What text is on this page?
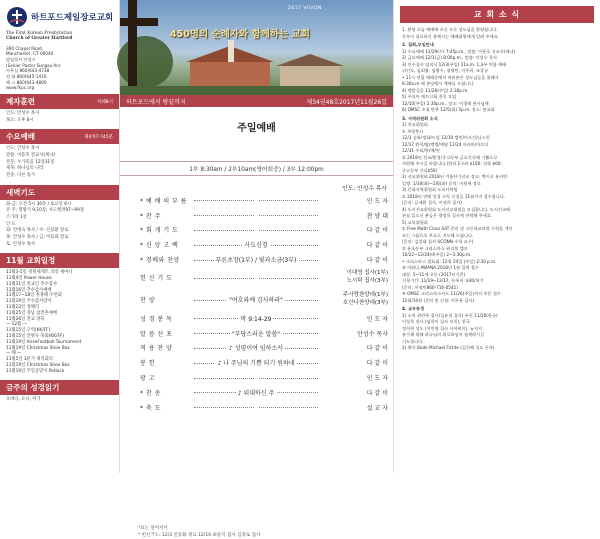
하트포드제일장로교회
The First Korean Presbyterian
Church of Greater Hartford
300 Chapel Road,
Manchester, CT 06040
담임목사 안성수
(Senior Pastor Sungsu An)
사무실 860)643-4738
전 화 860)645-1416
팩 스 860)643-4800
www.fkpc.org
제자훈련	차례8시
인도: 안성수 목사
목요: 오후 8시
수요예배	제4차7시45분
인도: 안성수 목사
말씀: 이용호 전교사(케냐)
본문: 누가복음 12장31절
제목: 하나님의 나라
찬송: 다른 송가
새벽기도
화-금: 오전 5시 30분 / 토요일 6시
본 주: 열왕기 9,10장, 사도행전97~99장
스가랴 1장
인 도
화: 안병숙 목사 / 수: 신용환 장로
목: 안성수 목사 / 금: 이용화 장로
토: 안성수 목사
11월 교회일정
11월3-5일 경북세계트 의장 새마니
11월4일 Power House
11월11일 천교인 추수감사
11월16일 추수감사예배
11월17~18일 경목팩 수련회
11월19일 주수감사맞이
11월23일 정해리
11월25일 경남 참결혼예배
11월26일 전교 양육
— 12월 —
11월15일 구역(KK/FF)
11월15일 안병숙 목회(KK/FF)
11월19일 AriseFootball Tournament
11월19일 Christmas Shoe Box
— 해 —
11월5일 3분기 제직회의
11월19일 Christmas Shoe Box
11월19일 주일공맞이 Potluck
금주의 성경읽기
오바다, 요나, 미가
2017 VISION
450명의 순례자와 함께하는 교회
하트포드에서 땅끝까지	제34권48호2017년11월26일
주일예배
1부 8:30am / 2부10am(영어회중) / 3부 12:00pm
인도: 안성수 목사
* 예 배 의 부 름	인 도 자
* 찬 주	찬 양 대
* 회 개 기 도	다 같 이
* 신 앙 고 백	사도신경	다 같 이
* 경배와 찬양	푸른초장(1부) / 빛과소금(3부)	다 같 이
헌 신 기 도
이대영 집사(1부)
노시탁 집사(3부)
찬 양	"여호와께 감사하라"
주사랑찬양대(1부)
호산나찬양대(3부)
성 경 봉 독	막 9:14-29	인 도 자
말 씀 선 포	"부당스러운 말씀"	안성수 목사
적 용 찬 양	♪ 성령이여 임하소서	다 같 이
봉 헌	♪ 나 주님의 기쁨 되기 원하네	다 같 이
광 고	인 도 자
* 찬 송	♪ 위대하신 주	다 같 이
* 축 도	설 교 자
*표는 일어서서
* 헌신기도: 12/3 신동화 정료 12/10 최승익 집사 김정로 집사
교 회 소 식
1. 환영 오늘 예배에 오신 모든 성도님을 환영합니다.
등록이 필요하신 분께서는 예배위원에게 알려 주세요.
2. 집회,모임안내
1) 수요예배 11/29(수) 7:45p.m., 말씀: 이용호 선교사(케냐)
2) 금요예배 12/1(금) 8:00p.m., 말씀: 안성수 목사
3) 안수집사 임직식 12/3(주일) 11a.m. 1,3부 연합 예배
피선도, 임최왕, 임황수, 정영민, 이주희, 조창규
• 11시 연합 예배중에서 여러분은 성도님들을 위해서
8:30a.m.에 본당에서 예배를 드립니다.
4) 맨발걸음 11/26(주일) 2:30p.m.
5) 주디아 애프고회 친목 모임
12/10(주일) 2:30p.m., 장소: 이경애 권사님댁
6) OMSC 초청 만찬 12/5(화) 5p.m. 장소: 본교회
3. 사역위원회 소식
1) 친교위원회
① 주방봉사
12/3 성화/정화/드림 12/10 엘린/아프간/나스런
12/17 환희/팝/벧엘/예영 12/24 아리아/마르다
12/31 우리/한/예/연
② 2018년 친교/환경/중고등부 금요간식에 기쁨으로
자원해 주시길 바랍니다.(한과 1구좌 $100: 헌화 $60:
중고등부 간식$50)
2) 선교위원회 2018년 겨울단기선교 장소: 멕시코 유카탄
일정: 1/30(화)~2/6(화) 문의: 이원재 장로
3) 문화사역위원회 도서사역팀
① 2018년 연례 성경 구독 신청을 11월까지 접수합니다.
(문의: 류재환 집사, 이정희 집사)
4) 도서선교위원회 도서선교위원을 모집합니다. 도서선교에
관심 있으신 분들은 방정욱 집사께 연락해 주세요.
5) 교육위원회
① Free Math Class SAT 준비 및 고등학교과정 수학을 개인
또는 그룹으로 무료로 지도해 드립니다.
(문의: 김성태 집사 UCONN 수학 교수)
② 유초등부 크리스마스 워지볼 캠프
10/22~12/24(매주일) 2~3:30p.m.
• 크리스마스 발표회: 12월 24일 (주일) 2:30 p.m.
③ 어와나 AWANA 2018년 1월 입학 접수
대상: 5~11세 초등 (2017년기준)
신청기간: 11/19~12/17, 등록비: $30/학기
(문의: 이정민860-716-0541)
④ OMSC 크리스마스카드 11/26(주일)까지 주문 접수
12월/10월 (문의 및 신청: 이주용 집사)
4. 교우동정
1) 소천 최만주 집사(김유헌 집사) 부친 11/20(한국)
이성옥 권사 (임한미 집사 모친), 한국
정희현 성도 (이민영 집사 시아버지), 뉴저지
유가족 위해 하나님의 위로하심이 함께하시길
기도합니다.
2) 출산 Bode Michael Fichte (김신혜 성도 손자)
